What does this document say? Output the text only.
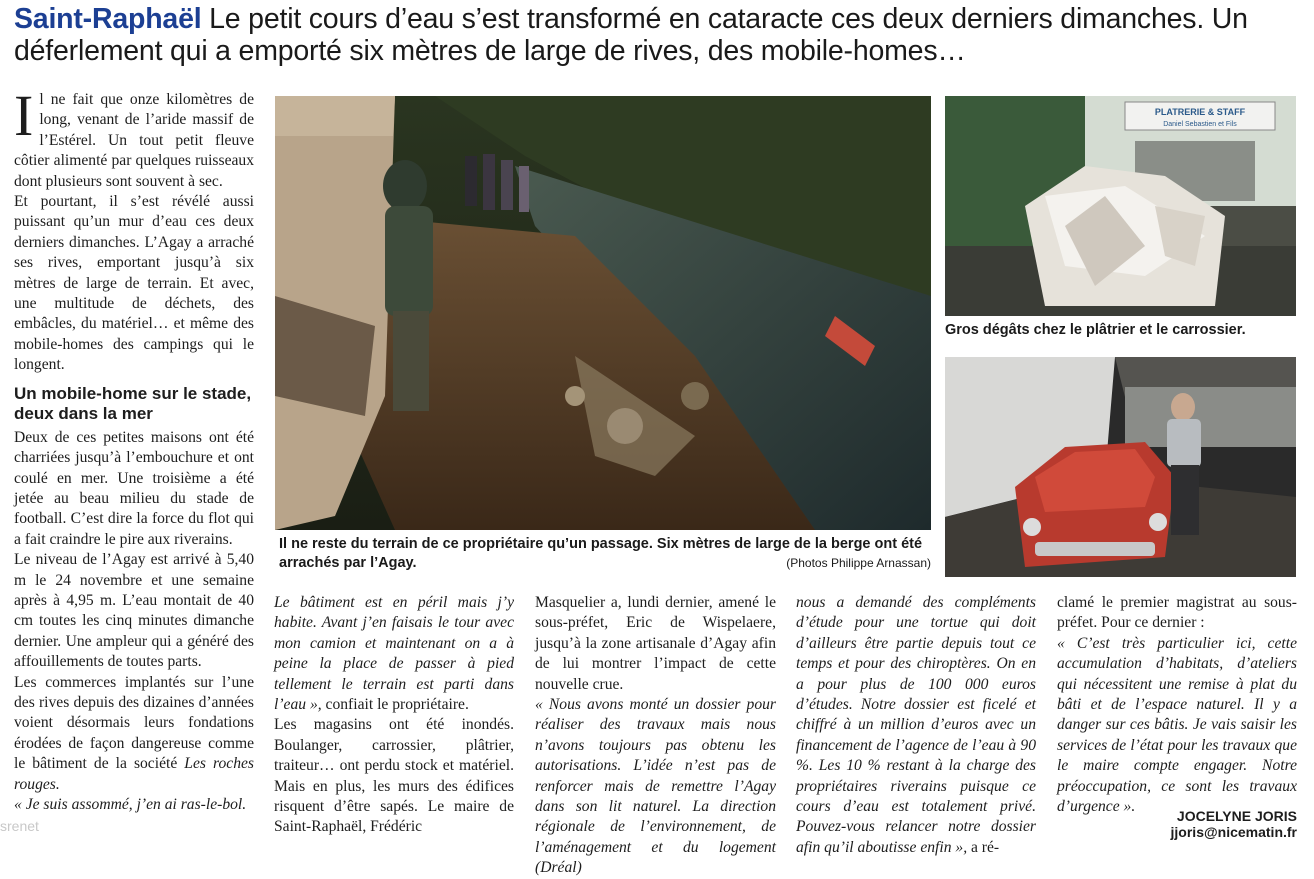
Saint-Raphaël Le petit cours d’eau s’est transformé en cataracte ces deux derniers dimanches. Un déferlement qui a emporté six mètres de large de rives, des mobile-homes…
I l ne fait que onze kilomètres de long, venant de l’aride massif de l’Estérel. Un tout petit fleuve côtier alimenté par quelques ruisseaux dont plusieurs sont souvent à sec.

Et pourtant, il s’est révélé aussi puissant qu’un mur d’eau ces deux derniers dimanches. L’Agay a arraché ses rives, emportant jusqu’à six mètres de large de terrain. Et avec, une multitude de déchets, des embâcles, du matériel… et même des mobile-homes des campings qui le longent.

Un mobile-home sur le stade, deux dans la mer

Deux de ces petites maisons ont été charriées jusqu’à l’embouchure et ont coulé en mer. Une troisième a été jetée au beau milieu du stade de football. C’est dire la force du flot qui a fait craindre le pire aux riverains.

Le niveau de l’Agay est arrivé à 5,40 m le 24 novembre et une semaine après à 4,95 m. L’eau montait de 40 cm toutes les cinq minutes dimanche dernier. Une ampleur qui a généré des affouillements de toutes parts.

Les commerces implantés sur l’une des rives depuis des dizaines d’années voient désormais leurs fondations érodées de façon dangereuse comme le bâtiment de la société Les roches rouges.

« Je suis assommé, j’en ai ras-le-bol.

Il ne reste du terrain de ce propriétaire qu’un passage. Six mètres de large de la berge ont été arrachés par l’Agay.	(Photos Philippe Arnassan)
PLATRERIE & STAFF
Daniel Sebastien et Fils
Gros dégâts chez le plâtrier et le carrossier.

Le bâtiment est en péril mais j’y habite. Avant j’en faisais le tour avec mon camion et maintenant on a à peine la place de passer à pied tellement le terrain est parti dans l’eau », confiait le propriétaire.

Les magasins ont été inondés. Boulanger, carrossier, plâtrier, traiteur… ont perdu stock et matériel. Mais en plus, les murs des édifices risquent d’être sapés. Le maire de Saint-Raphaël, Frédéric

Masquelier a, lundi dernier, amené le sous-préfet, Eric de Wispelaere, jusqu’à la zone artisanale d’Agay afin de lui montrer l’impact de cette nouvelle crue.

« Nous avons monté un dossier pour réaliser des travaux mais nous n’avons toujours pas obtenu les autorisations. L’idée n’est pas de renforcer mais de remettre l’Agay dans son lit naturel. La direction régionale de l’environnement, de l’aménagement et du logement (Dréal)

nous a demandé des compléments d’étude pour une tortue qui doit d’ailleurs être partie depuis tout ce temps et pour des chiroptères. On en a pour plus de 100 000 euros d’études. Notre dossier est ficelé et chiffré à un million d’euros avec un financement de l’agence de l’eau à 90 %. Les 10 % restant à la charge des propriétaires riverains puisque ce cours d’eau est totalement privé. Pouvez-vous relancer notre dossier afin qu’il aboutisse enfin », a ré-

clamé le premier magistrat au sous-préfet. Pour ce dernier :

« C’est très particulier ici, cette accumulation d’habitats, d’ateliers qui nécessitent une remise à plat du bâti et de l’espace naturel. Il y a danger sur ces bâtis. Je vais saisir les services de l’état pour les travaux que le maire compte engager. Notre préoccupation, ce sont les travaux d’urgence ».

JOCELYNE JORIS
jjoris@nicematin.fr
srenet
